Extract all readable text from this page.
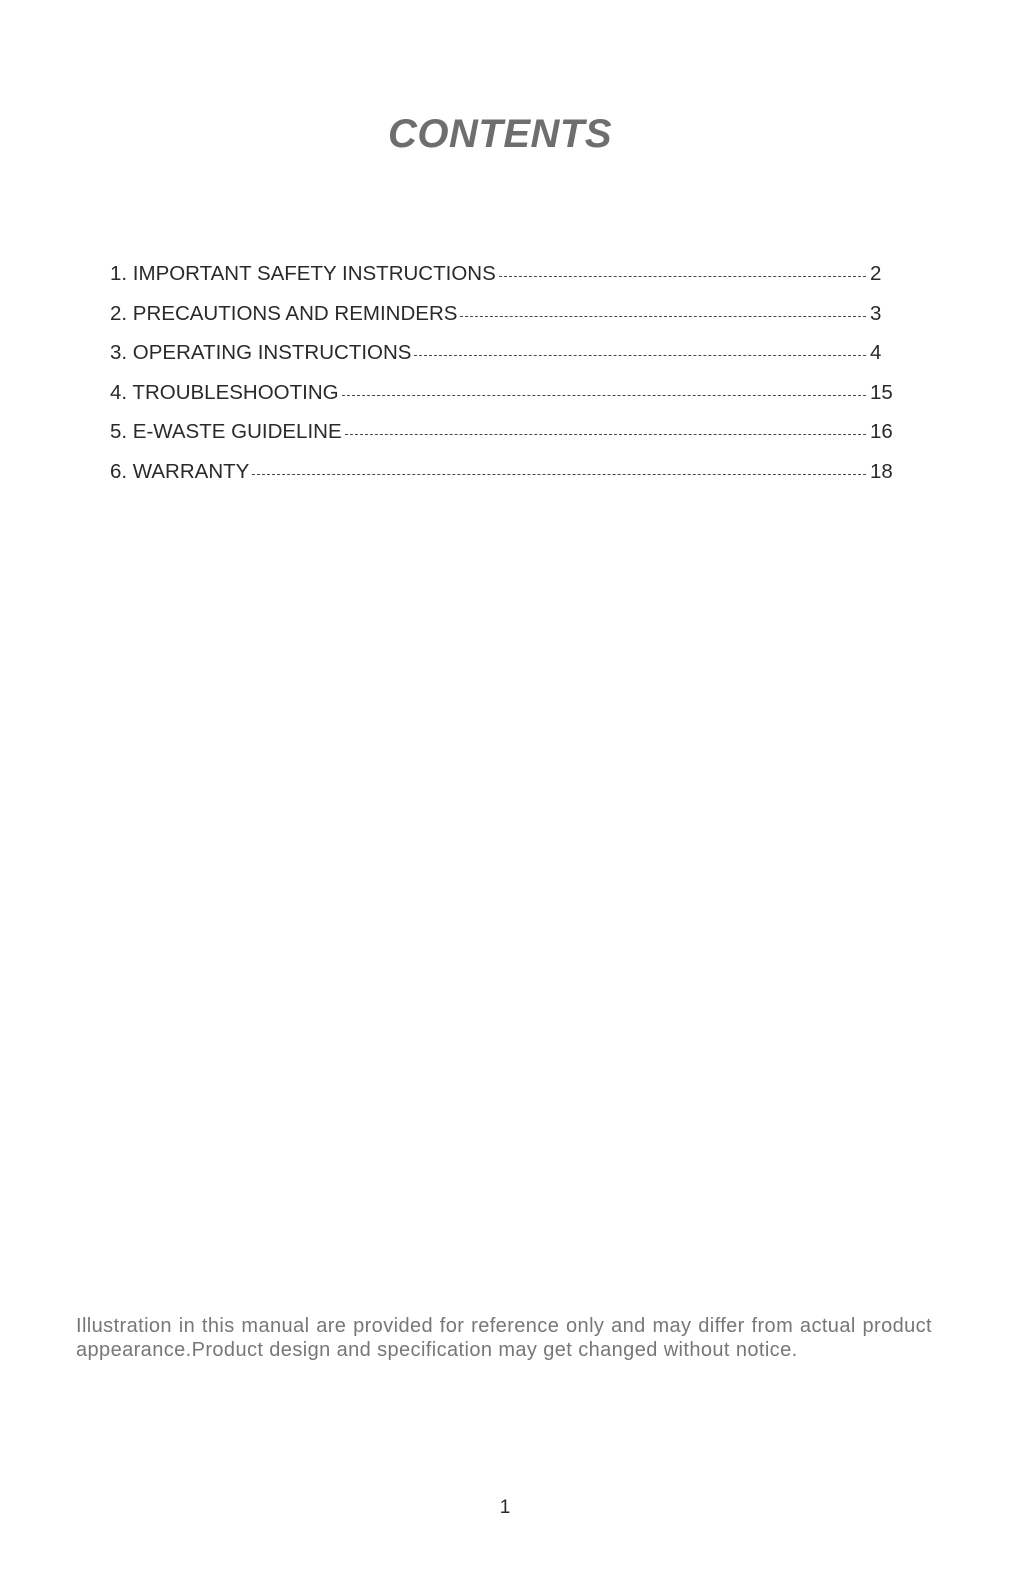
CONTENTS
1. IMPORTANT SAFETY INSTRUCTIONS	2
2. PRECAUTIONS AND REMINDERS	3
3. OPERATING INSTRUCTIONS	4
4. TROUBLESHOOTING	15
5. E-WASTE GUIDELINE	16
6. WARRANTY	18

Illustration in this manual are provided for reference only and may differ from actual product appearance.Product design and specification may get changed without notice.

1
